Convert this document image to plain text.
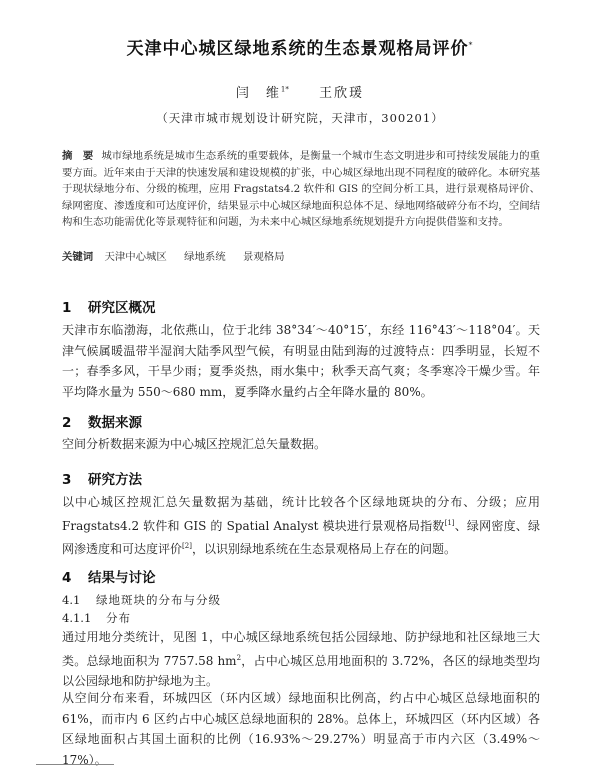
天津中心城区绿地系统的生态景观格局评价*
闫　维$^{1*}$ 王欣瑗
（天津市城市规划设计研究院，天津市，300201）
摘　要 城市绿地系统是城市生态系统的重要载体，是衡量一个城市生态文明进步和可持续发展能力的重要方面。近年来由于天津的快速发展和建设规模的扩张，中心城区绿地出现不同程度的破碎化。本研究基于现状绿地分布、分级的梳理，应用 Fragstats4.2 软件和 GIS 的空间分析工具，进行景观格局评价、绿网密度、渗透度和可达度评价，结果显示中心城区绿地面积总体不足、绿地网络破碎分布不均，空间结构和生态功能需优化等景观特征和问题，为未来中心城区绿地系统规划提升方向提供借鉴和支持。
关键词 天津中心城区 绿地系统 景观格局
1 研究区概况
天津市东临渤海，北依燕山，位于北纬 38°34′～40°15′，东经 116°43′～118°04′。天津气候属暖温带半湿润大陆季风型气候，有明显由陆到海的过渡特点：四季明显，长短不一；春季多风，干旱少雨；夏季炎热，雨水集中；秋季天高气爽；冬季寒冷干燥少雪。年平均降水量为 550～680 mm，夏季降水量约占全年降水量的 80%。
2 数据来源
空间分析数据来源为中心城区控规汇总矢量数据。
3 研究方法
以中心城区控规汇总矢量数据为基础，统计比较各个区绿地斑块的分布、分级；应用 Fragstats4.2 软件和 GIS 的 Spatial Analyst 模块进行景观格局指数[1]、绿网密度、绿网渗透度和可达度评价[2]，以识别绿地系统在生态景观格局上存在的问题。
4 结果与讨论
4.1 绿地斑块的分布与分级
4.1.1 分布
通过用地分类统计，见图 1，中心城区绿地系统包括公园绿地、防护绿地和社区绿地三大类。总绿地面积为 7757.58 $hm^2$，占中心城区总用地面积的 3.72%，各区的绿地类型均以公园绿地和防护绿地为主。
从空间分布来看，环城四区（环内区域）绿地面积比例高，约占中心城区总绿地面积的 61%，而市内 6 区约占中心城区总绿地面积的 28%。总体上，环城四区（环内区域）各区绿地面积占其国土面积的比例（16.93%～29.27%）明显高于市内六区（3.49%～17%）。
